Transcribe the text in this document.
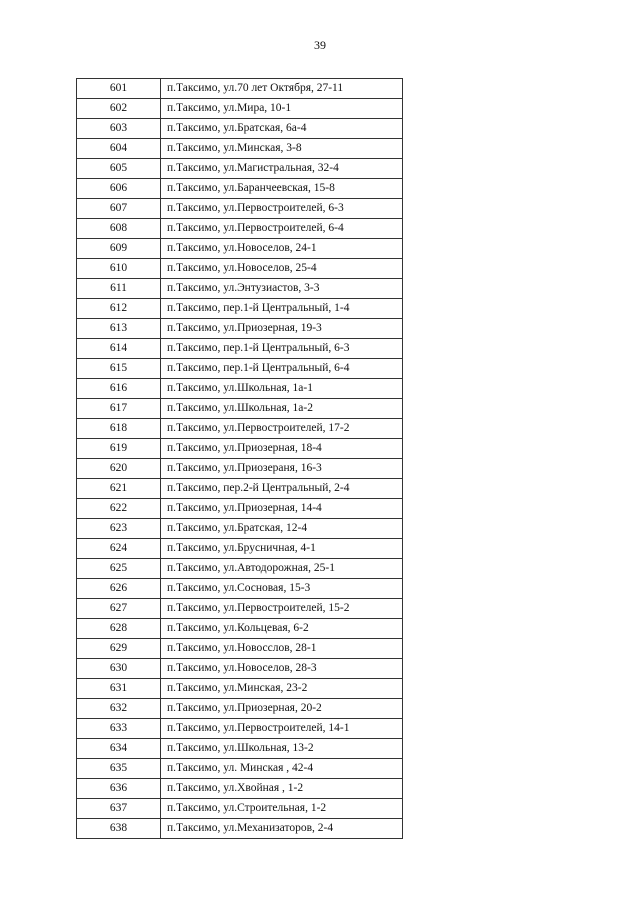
39
601	п.Таксимо, ул.70 лет Октября, 27-11
602	п.Таксимо, ул.Мира, 10-1
603	п.Таксимо, ул.Братская, 6а-4
604	п.Таксимо, ул.Минская, 3-8
605	п.Таксимо, ул.Магистральная, 32-4
606	п.Таксимо, ул.Баранчеевская, 15-8
607	п.Таксимо, ул.Первостроителей, 6-3
608	п.Таксимо, ул.Первостроителей, 6-4
609	п.Таксимо, ул.Новоселов, 24-1
610	п.Таксимо, ул.Новоселов, 25-4
611	п.Таксимо, ул.Энтузиастов, 3-3
612	п.Таксимо, пер.1-й Центральный, 1-4
613	п.Таксимо, ул.Приозерная, 19-3
614	п.Таксимо, пер.1-й Центральный, 6-3
615	п.Таксимо, пер.1-й Центральный, 6-4
616	п.Таксимо, ул.Школьная, 1а-1
617	п.Таксимо, ул.Школьная, 1а-2
618	п.Таксимо, ул.Первостроителей, 17-2
619	п.Таксимо, ул.Приозерная, 18-4
620	п.Таксимо, ул.Приозераня, 16-3
621	п.Таксимо, пер.2-й Центральный, 2-4
622	п.Таксимо, ул.Приозерная, 14-4
623	п.Таксимо, ул.Братская, 12-4
624	п.Таксимо, ул.Брусничная, 4-1
625	п.Таксимо, ул.Автодорожная, 25-1
626	п.Таксимо, ул.Сосновая, 15-3
627	п.Таксимо, ул.Первостроителей, 15-2
628	п.Таксимо, ул.Кольцевая, 6-2
629	п.Таксимо, ул.Новосслов, 28-1
630	п.Таксимо, ул.Новоселов, 28-3
631	п.Таксимо, ул.Минская, 23-2
632	п.Таксимо, ул.Приозерная, 20-2
633	п.Таксимо, ул.Первостроителей, 14-1
634	п.Таксимо, ул.Школьная, 13-2
635	п.Таксимо, ул. Минская , 42-4
636	п.Таксимо, ул.Хвойная , 1-2
637	п.Таксимо, ул.Строительная, 1-2
638	п.Таксимо, ул.Механизаторов, 2-4
